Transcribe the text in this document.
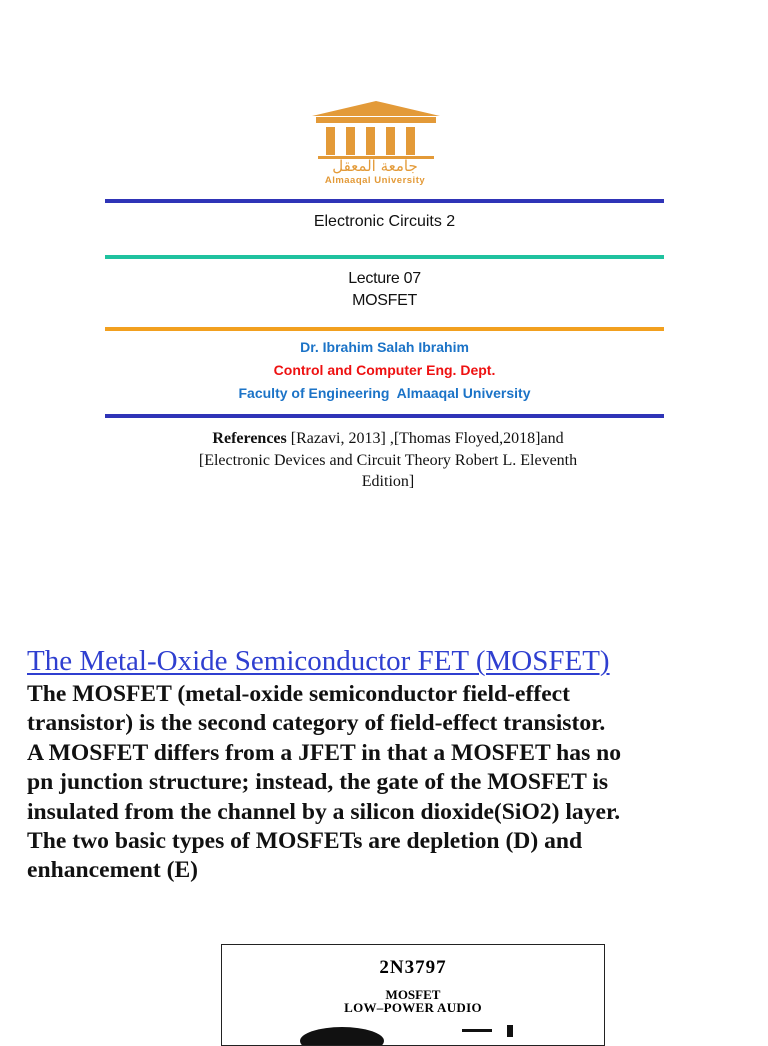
جامعة المعقل
Almaaqal University
Electronic Circuits 2
Lecture 07
MOSFET
Dr. Ibrahim Salah Ibrahim
Control and Computer Eng. Dept.
Faculty of Engineering  Almaaqal University
References [Razavi, 2013] ,[Thomas Floyed,2018]and [Electronic Devices and Circuit Theory Robert L. Eleventh Edition]
The Metal-Oxide Semiconductor FET (MOSFET)
The MOSFET (metal-oxide semiconductor field-effect
transistor) is the second category of field-effect transistor.
A MOSFET differs from a JFET in that a MOSFET has no
pn junction structure; instead, the gate of the MOSFET is
insulated from the channel by a silicon dioxide(SiO2) layer.
The two basic types of MOSFETs are depletion (D) and
enhancement (E)
2N3797
MOSFET
LOW–POWER AUDIO
